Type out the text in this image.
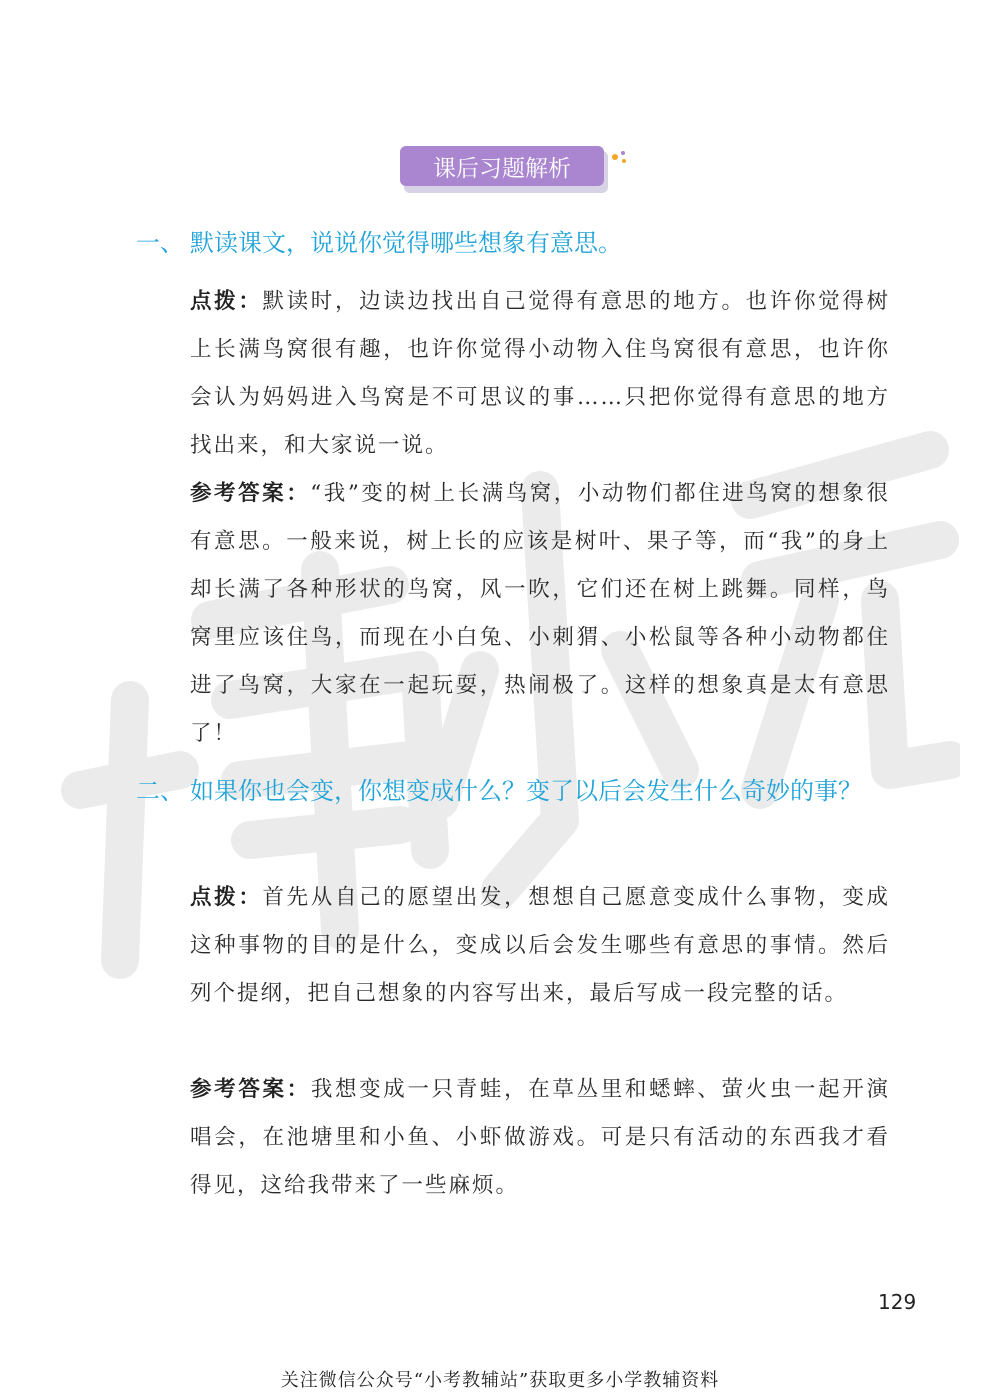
课后习题解析
一、 默读课文，说说你觉得哪些想象有意思。
点拨：默读时，边读边找出自己觉得有意思的地方。也许你觉得树上长满鸟窝很有趣，也许你觉得小动物入住鸟窝很有意思，也许你会认为妈妈进入鸟窝是不可思议的事……只把你觉得有意思的地方找出来，和大家说一说。
参考答案：“我”变的树上长满鸟窝，小动物们都住进鸟窝的想象很有意思。一般来说，树上长的应该是树叶、果子等，而“我”的身上却长满了各种形状的鸟窝，风一吹，它们还在树上跳舞。同样，鸟窝里应该住鸟，而现在小白兔、小刺猬、小松鼠等各种小动物都住进了鸟窝，大家在一起玩耍，热闹极了。这样的想象真是太有意思了！
二、 如果你也会变，你想变成什么？变了以后会发生什么奇妙的事？
点拨：首先从自己的愿望出发，想想自己愿意变成什么事物，变成这种事物的目的是什么，变成以后会发生哪些有意思的事情。然后列个提纲，把自己想象的内容写出来，最后写成一段完整的话。
参考答案：我想变成一只青蛙，在草丛里和蟋蟀、萤火虫一起开演唱会，在池塘里和小鱼、小虾做游戏。可是只有活动的东西我才看得见，这给我带来了一些麻烦。
129
关注微信公众号“小考教辅站”获取更多小学教辅资料
